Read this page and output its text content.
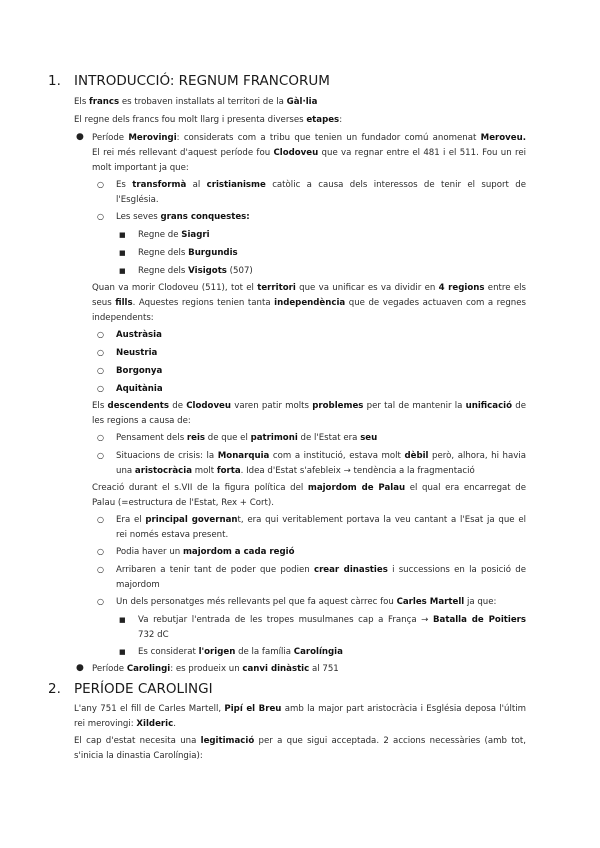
1. INTRODUCCIÓ: REGNUM FRANCORUM
Els francs es trobaven installats al territori de la Gàl·lia
El regne dels francs fou molt llarg i presenta diverses etapes:
● Període Merovingi: considerats com a tribu que tenien un fundador comú anomenat Meroveu.
El rei més rellevant d'aquest període fou Clodoveu que va regnar entre el 481 i el 511. Fou un rei
molt important ja que:
○ Es transformà al cristianisme catòlic a causa dels interessos de tenir el suport de
l'Església.
○ Les seves grans conquestes:
■ Regne de Siagri
■ Regne dels Burgundis
■ Regne dels Visigots (507)
Quan va morir Clodoveu (511), tot el territori que va unificar es va dividir en 4 regions entre els
seus fills. Aquestes regions tenien tanta independència que de vegades actuaven com a regnes
independents:
○ Austràsia
○ Neustria
○ Borgonya
○ Aquitània
Els descendents de Clodoveu varen patir molts problemes per tal de mantenir la unificació de
les regions a causa de:
○ Pensament dels reis de que el patrimoni de l'Estat era seu
○ Situacions de crisis: la Monarquia com a institució, estava molt dèbil però, alhora, hi havia
una aristocràcia molt forta. Idea d'Estat s'afebleix → tendència a la fragmentació
Creació durant el s.VII de la figura política del majordom de Palau el qual era encarregat de
Palau (=estructura de l'Estat, Rex + Cort).
○ Era el principal governant, era qui veritablement portava la veu cantant a l'Esat ja que el
rei només estava present.
○ Podia haver un majordom a cada regió
○ Arribaren a tenir tant de poder que podien crear dinasties i successions en la posició de
majordom
○ Un dels personatges més rellevants pel que fa aquest càrrec fou Carles Martell ja que:
■ Va rebutjar l'entrada de les tropes musulmanes cap a França → Batalla de Poitiers
732 dC
■ Es considerat l'origen de la família Carolíngia
● Període Carolingi: es produeix un canvi dinàstic al 751
2. PERÍODE CAROLINGI
L'any 751 el fill de Carles Martell, Pipí el Breu amb la major part aristocràcia i Església deposa l'últim
rei merovingi: Xilderic.
El cap d'estat necesita una legitimació per a que sigui acceptada. 2 accions necessàries (amb tot,
s'inicia la dinastia Carolíngia):
